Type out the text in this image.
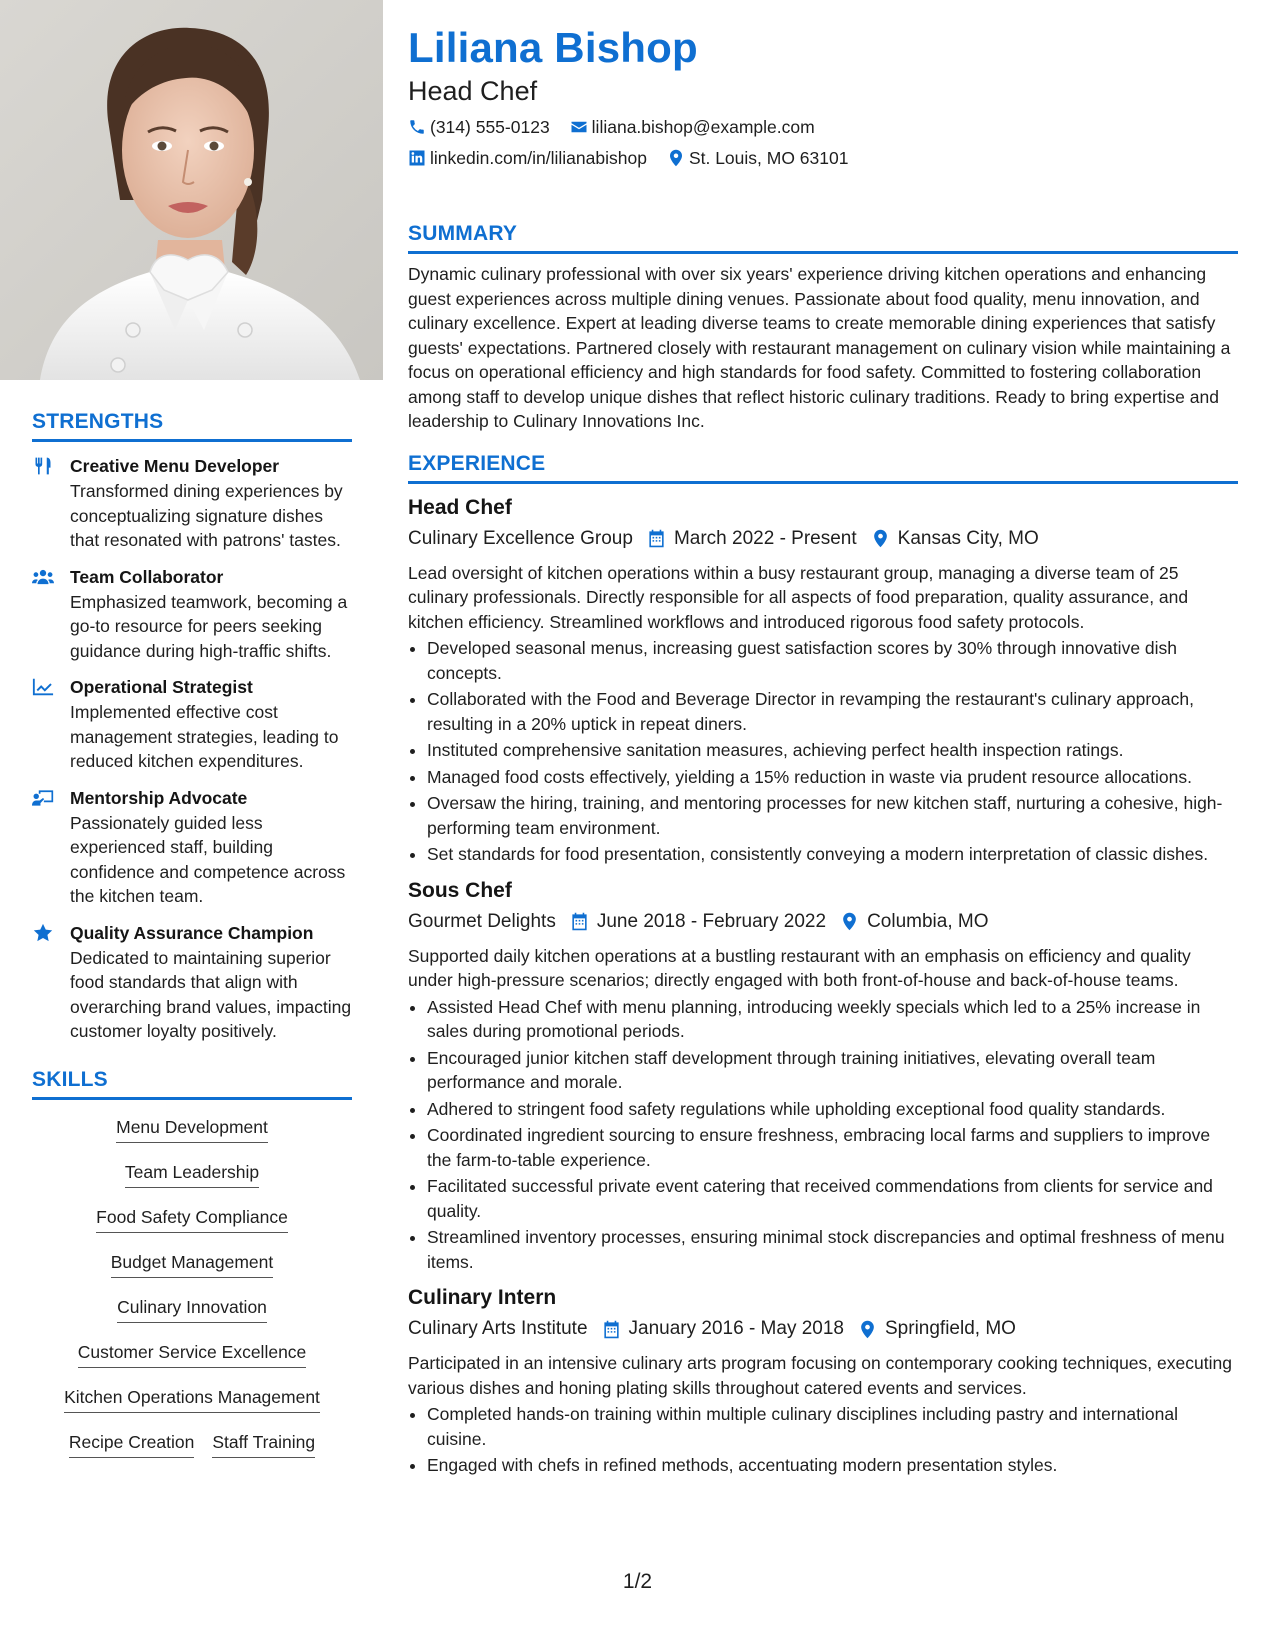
STRENGTHS
Creative Menu Developer
Transformed dining experiences by conceptualizing signature dishes that resonated with patrons' tastes.
Team Collaborator
Emphasized teamwork, becoming a go-to resource for peers seeking guidance during high-traffic shifts.
Operational Strategist
Implemented effective cost management strategies, leading to reduced kitchen expenditures.
Mentorship Advocate
Passionately guided less experienced staff, building confidence and competence across the kitchen team.
Quality Assurance Champion
Dedicated to maintaining superior food standards that align with overarching brand values, impacting customer loyalty positively.
SKILLS
Menu Development
Team Leadership
Food Safety Compliance
Budget Management
Culinary Innovation
Customer Service Excellence
Kitchen Operations Management
Recipe Creation Staff Training
Liliana Bishop
Head Chef
(314) 555-0123 liliana.bishop@example.com
linkedin.com/in/lilianabishop St. Louis, MO 63101
SUMMARY
Dynamic culinary professional with over six years' experience driving kitchen operations and enhancing guest experiences across multiple dining venues. Passionate about food quality, menu innovation, and culinary excellence. Expert at leading diverse teams to create memorable dining experiences that satisfy guests' expectations. Partnered closely with restaurant management on culinary vision while maintaining a focus on operational efficiency and high standards for food safety. Committed to fostering collaboration among staff to develop unique dishes that reflect historic culinary traditions. Ready to bring expertise and leadership to Culinary Innovations Inc.
EXPERIENCE
Head Chef
Culinary Excellence Group March 2022 - Present Kansas City, MO
Lead oversight of kitchen operations within a busy restaurant group, managing a diverse team of 25 culinary professionals. Directly responsible for all aspects of food preparation, quality assurance, and kitchen efficiency. Streamlined workflows and introduced rigorous food safety protocols.
• Developed seasonal menus, increasing guest satisfaction scores by 30% through innovative dish concepts.
• Collaborated with the Food and Beverage Director in revamping the restaurant's culinary approach, resulting in a 20% uptick in repeat diners.
• Instituted comprehensive sanitation measures, achieving perfect health inspection ratings.
• Managed food costs effectively, yielding a 15% reduction in waste via prudent resource allocations.
• Oversaw the hiring, training, and mentoring processes for new kitchen staff, nurturing a cohesive, high-performing team environment.
• Set standards for food presentation, consistently conveying a modern interpretation of classic dishes.
Sous Chef
Gourmet Delights June 2018 - February 2022 Columbia, MO
Supported daily kitchen operations at a bustling restaurant with an emphasis on efficiency and quality under high-pressure scenarios; directly engaged with both front-of-house and back-of-house teams.
• Assisted Head Chef with menu planning, introducing weekly specials which led to a 25% increase in sales during promotional periods.
• Encouraged junior kitchen staff development through training initiatives, elevating overall team performance and morale.
• Adhered to stringent food safety regulations while upholding exceptional food quality standards.
• Coordinated ingredient sourcing to ensure freshness, embracing local farms and suppliers to improve the farm-to-table experience.
• Facilitated successful private event catering that received commendations from clients for service and quality.
• Streamlined inventory processes, ensuring minimal stock discrepancies and optimal freshness of menu items.
Culinary Intern
Culinary Arts Institute January 2016 - May 2018 Springfield, MO
Participated in an intensive culinary arts program focusing on contemporary cooking techniques, executing various dishes and honing plating skills throughout catered events and services.
• Completed hands-on training within multiple culinary disciplines including pastry and international cuisine.
• Engaged with chefs in refined methods, accentuating modern presentation styles.
1/2
